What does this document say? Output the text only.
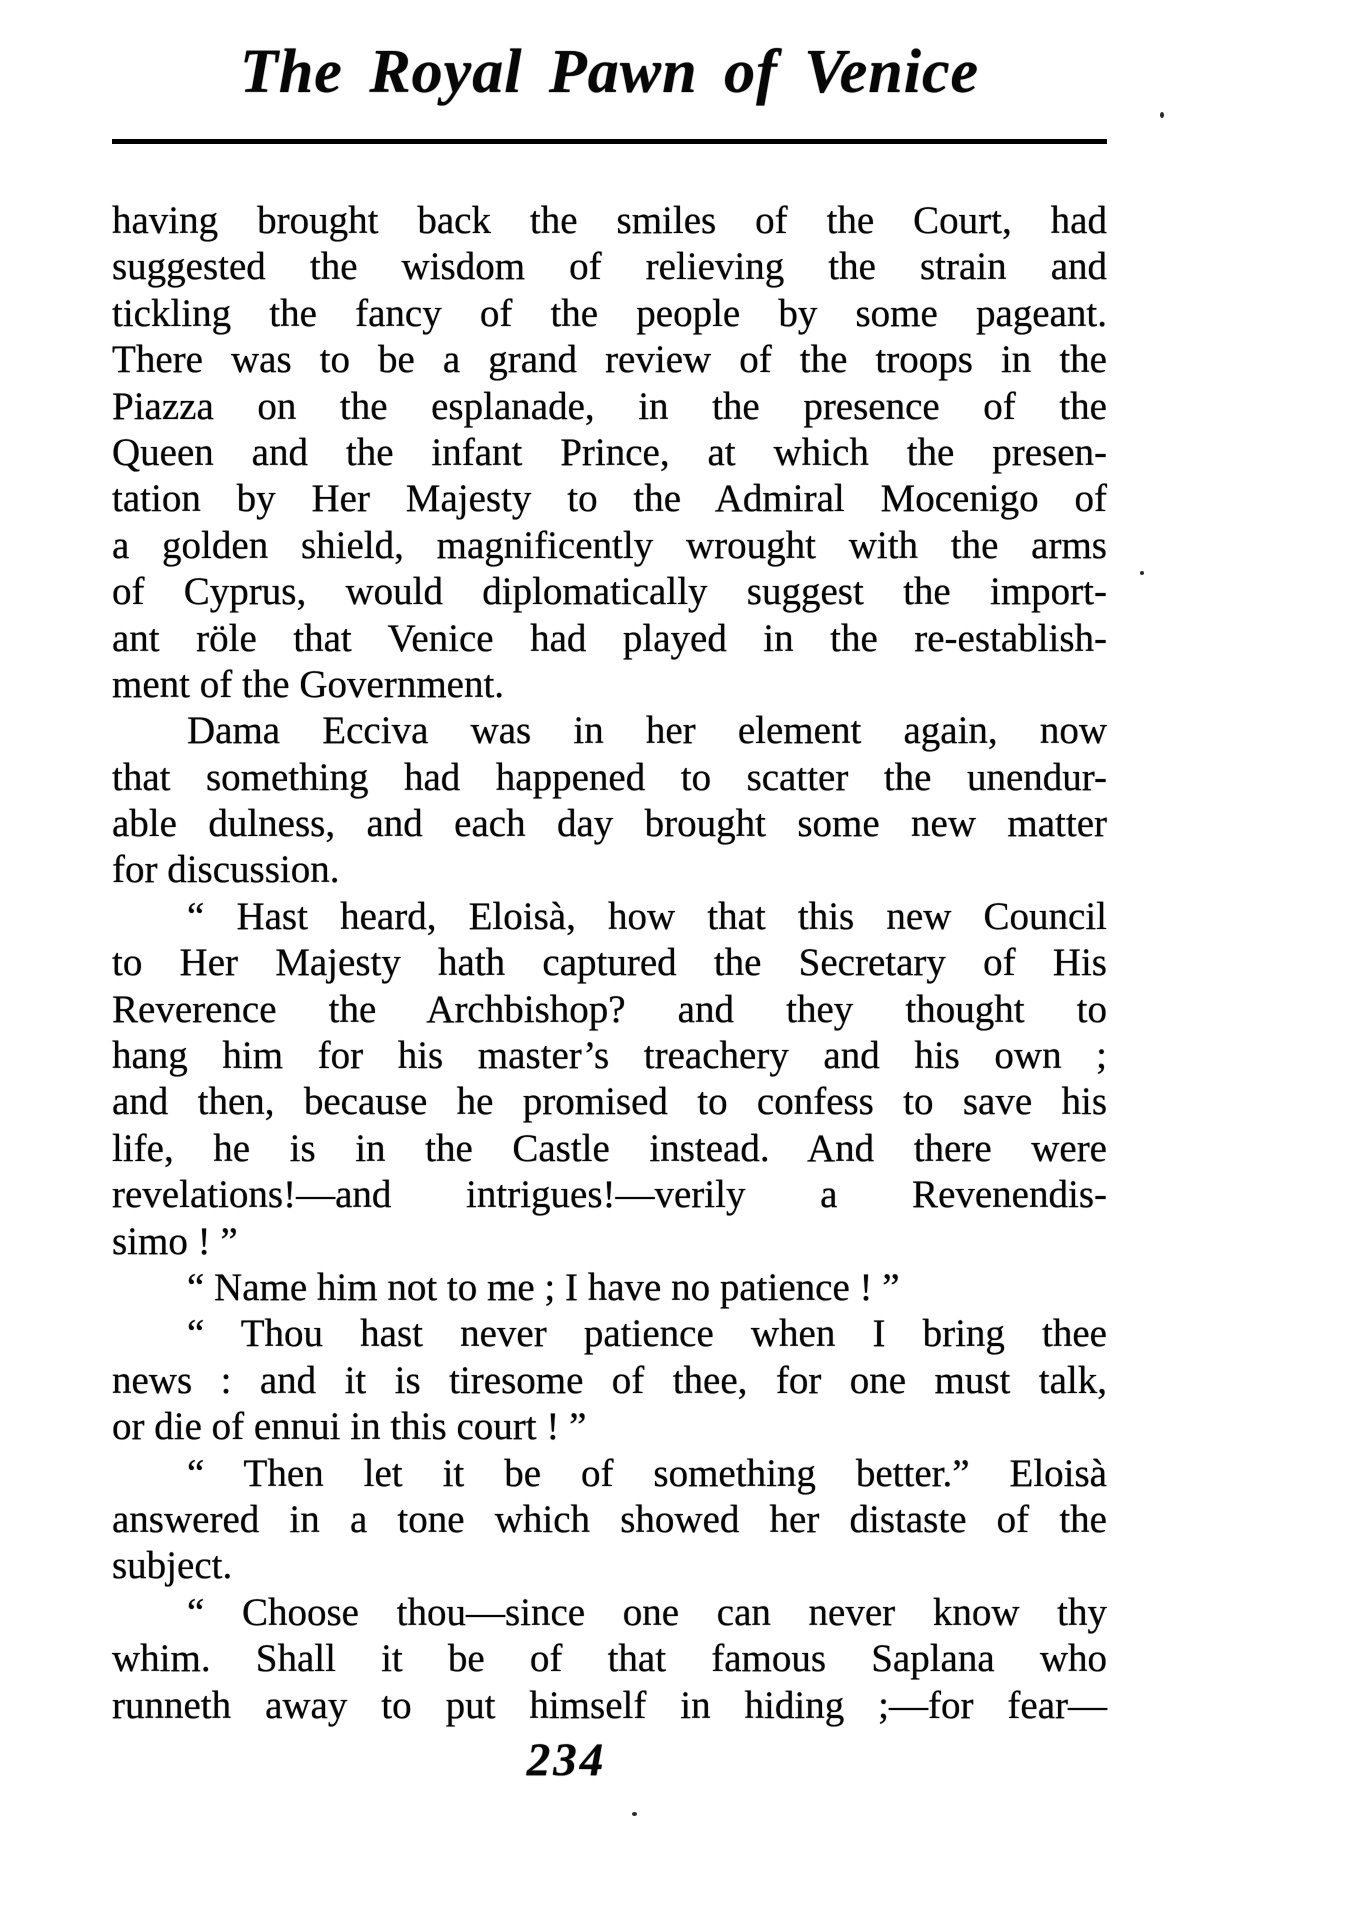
The Royal Pawn of Venice
having brought back the smiles of the Court, had
suggested the wisdom of relieving the strain and
tickling the fancy of the people by some pageant.
There was to be a grand review of the troops in the
Piazza on the esplanade, in the presence of the
Queen and the infant Prince, at which the presen-
tation by Her Majesty to the Admiral Mocenigo of
a golden shield, magnificently wrought with the arms
of Cyprus, would diplomatically suggest the import-
ant röle that Venice had played in the re-establish-
ment of the Government.
Dama Ecciva was in her element again, now
that something had happened to scatter the unendur-
able dulness, and each day brought some new matter
for discussion.
“ Hast heard, Eloisà, how that this new Council
to Her Majesty hath captured the Secretary of His
Reverence the Archbishop? and they thought to
hang him for his master’s treachery and his own ;
and then, because he promised to confess to save his
life, he is in the Castle instead. And there were
revelations!—and intrigues!—verily a Revenendis-
simo ! ”
“ Name him not to me ; I have no patience ! ”
“ Thou hast never patience when I bring thee
news : and it is tiresome of thee, for one must talk,
or die of ennui in this court ! ”
“ Then let it be of something better.” Eloisà
answered in a tone which showed her distaste of the
subject.
“ Choose thou—since one can never know thy
whim. Shall it be of that famous Saplana who
runneth away to put himself in hiding ;—for fear—
234
